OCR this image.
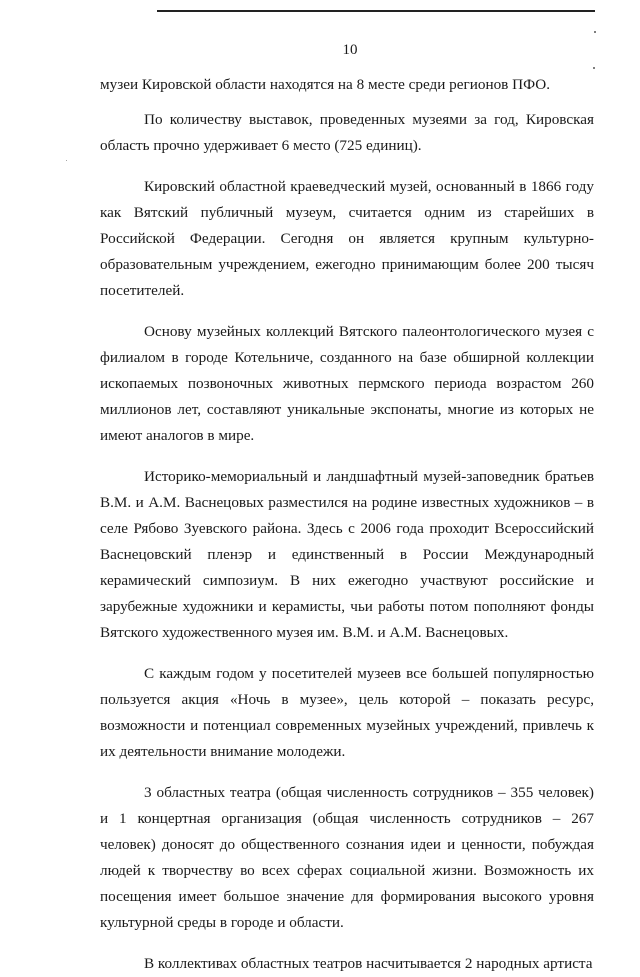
10

музеи Кировской области находятся на 8 месте среди регионов ПФО.

По количеству выставок, проведенных музеями за год, Кировская область прочно удерживает 6 место (725 единиц).

Кировский областной краеведческий музей, основанный в 1866 году как Вятский публичный музеум, считается одним из старейших в Российской Федерации. Сегодня он является крупным культурно-образовательным учреждением, ежегодно принимающим более 200 тысяч посетителей.

Основу музейных коллекций Вятского палеонтологического музея с филиалом в городе Котельниче, созданного на базе обширной коллекции ископаемых позвоночных животных пермского периода возрастом 260 миллионов лет, составляют уникальные экспонаты, многие из которых не имеют аналогов в мире.

Историко-мемориальный и ландшафтный музей-заповедник братьев В.М. и А.М. Васнецовых разместился на родине известных художников – в селе Рябово Зуевского района. Здесь с 2006 года проходит Всероссийский Васнецовский пленэр и единственный в России Международный керамический симпозиум. В них ежегодно участвуют российские и зарубежные художники и керамисты, чьи работы потом пополняют фонды Вятского художественного музея им. В.М. и А.М. Васнецовых.

С каждым годом у посетителей музеев все большей популярностью пользуется акция «Ночь в музее», цель которой – показать ресурс, возможности и потенциал современных музейных учреждений, привлечь к их деятельности внимание молодежи.

3 областных театра (общая численность сотрудников – 355 человек) и 1 концертная организация (общая численность сотрудников – 267 человек) доносят до общественного сознания идеи и ценности, побуждая людей к творчеству во всех сферах социальной жизни. Возможность их посещения имеет большое значение для формирования высокого уровня культурной среды в городе и области.

В коллективах областных театров насчитывается 2 народных артиста
